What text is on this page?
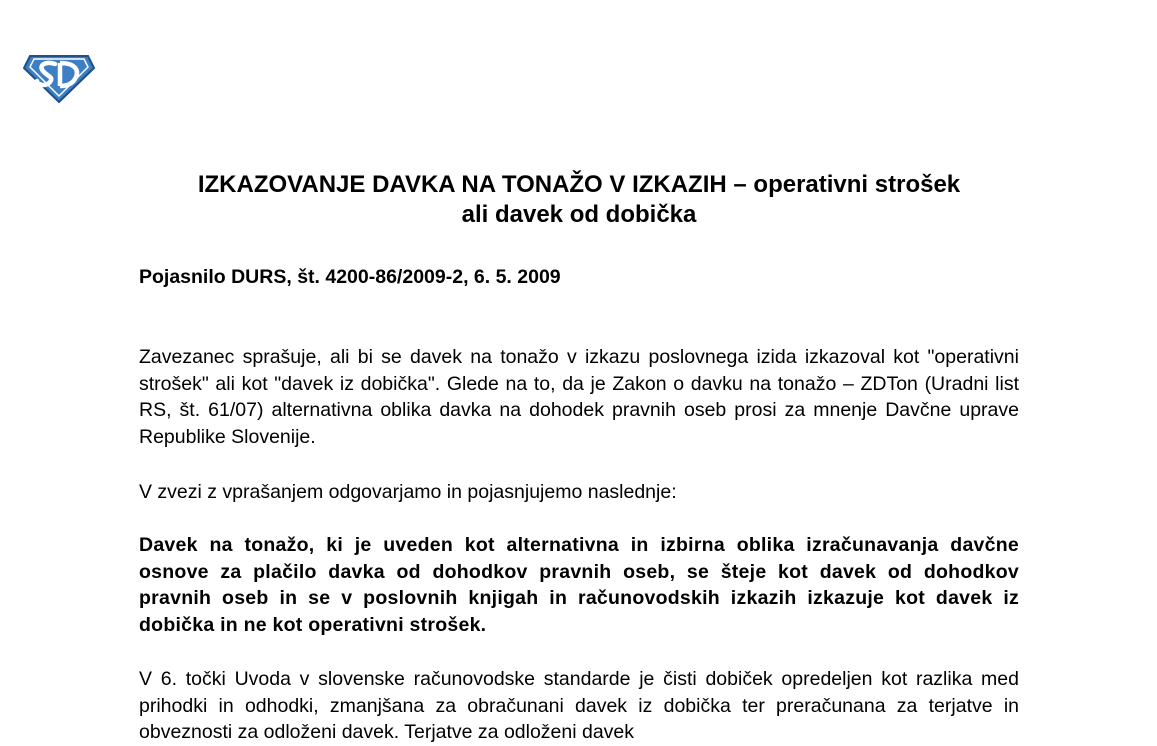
IZKAZOVANJE DAVKA NA TONAŽO V IZKAZIH – operativni strošek
ali davek od dobička

Pojasnilo DURS, št. 4200-86/2009-2, 6. 5. 2009

Zavezanec sprašuje, ali bi se davek na tonažo v izkazu poslovnega izida izkazoval kot "operativni strošek" ali kot "davek iz dobička". Glede na to, da je Zakon o davku na tonažo – ZDTon (Uradni list RS, št. 61/07) alternativna oblika davka na dohodek pravnih oseb prosi za mnenje Davčne uprave Republike Slovenije.

V zvezi z vprašanjem odgovarjamo in pojasnjujemo naslednje:

Davek na tonažo, ki je uveden kot alternativna in izbirna oblika izračunavanja davčne osnove za plačilo davka od dohodkov pravnih oseb, se šteje kot davek od dohodkov pravnih oseb in se v poslovnih knjigah in računovodskih izkazih izkazuje kot davek iz dobička in ne kot operativni strošek.

V 6. točki Uvoda v slovenske računovodske standarde je čisti dobiček opredeljen kot razlika med prihodki in odhodki, zmanjšana za obračunani davek iz dobička ter preračunana za terjatve in obveznosti za odloženi davek. Terjatve za odloženi davek
